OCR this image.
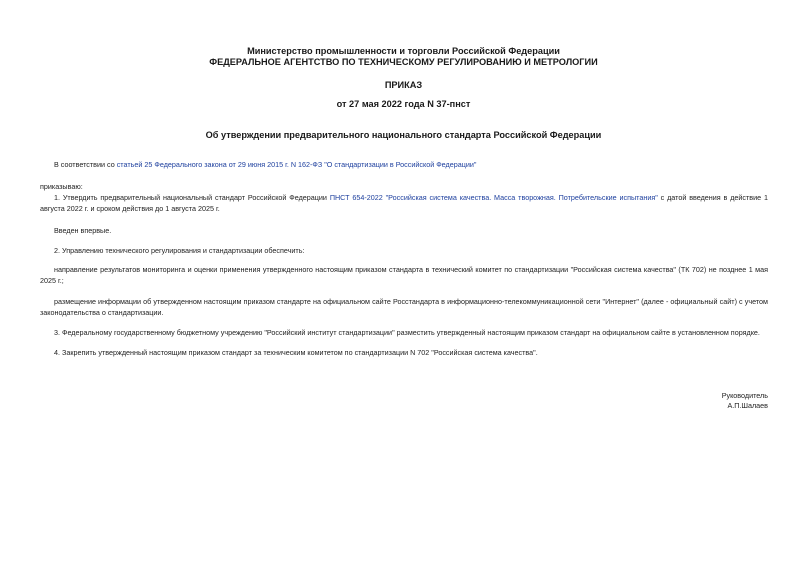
Министерство промышленности и торговли Российской Федерации
ФЕДЕРАЛЬНОЕ АГЕНТСТВО ПО ТЕХНИЧЕСКОМУ РЕГУЛИРОВАНИЮ И МЕТРОЛОГИИ
ПРИКАЗ
от 27 мая 2022 года N 37-пнст
Об утверждении предварительного национального стандарта Российской Федерации
В соответствии со статьей 25 Федерального закона от 29 июня 2015 г. N 162-ФЗ "О стандартизации в Российской Федерации"
приказываю:
1. Утвердить предварительный национальный стандарт Российской Федерации ПНСТ 654-2022 "Российская система качества. Масса творожная. Потребительские испытания" с датой введения в действие 1 августа 2022 г. и сроком действия до 1 августа 2025 г.
Введен впервые.
2. Управлению технического регулирования и стандартизации обеспечить:
направление результатов мониторинга и оценки применения утвержденного настоящим приказом стандарта в технический комитет по стандартизации "Российская система качества" (ТК 702) не позднее 1 мая 2025 г.;
размещение информации об утвержденном настоящим приказом стандарте на официальном сайте Росстандарта в информационно-телекоммуникационной сети "Интернет" (далее - официальный сайт) с учетом законодательства о стандартизации.
3. Федеральному государственному бюджетному учреждению "Российский институт стандартизации" разместить утвержденный настоящим приказом стандарт на официальном сайте в установленном порядке.
4. Закрепить утвержденный настоящим приказом стандарт за техническим комитетом по стандартизации N 702 "Российская система качества".
Руководитель
А.П.Шалаев
